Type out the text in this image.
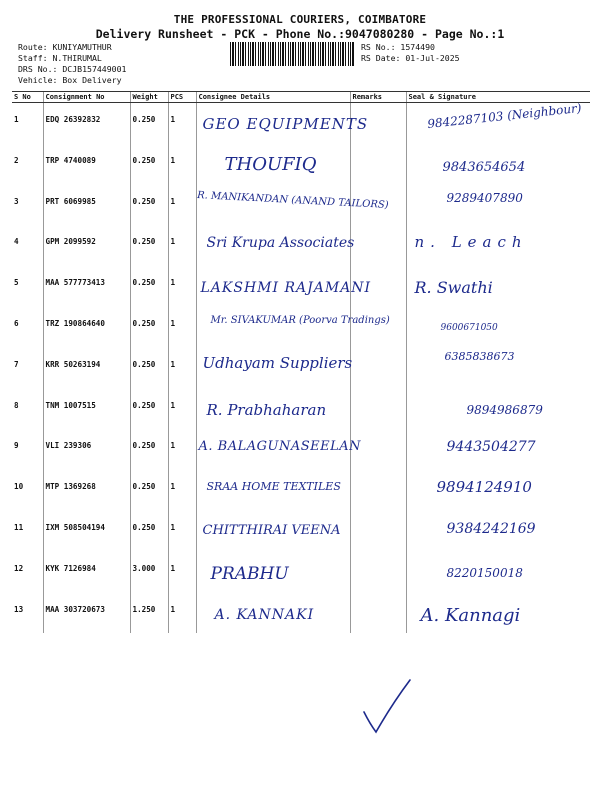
THE PROFESSIONAL COURIERS, COIMBATORE
Delivery Runsheet - PCK - Phone No.:9047080280 - Page No.:1
Route: KUNIYAMUTHUR
Staff: N.THIRUMAL
DRS No.: DCJB157449001
Vehicle: Box Delivery
RS No.: 1574490
RS Date: 01-Jul-2025
S No	Consignment No	Weight	PCS	Consignee Details	Remarks	Seal & Signature
1	EDQ 26392832	0.250	1	GEO EQUIPMENTS		9842287103 (Neighbour)

2	TRP 4740089	0.250	1	THOUFIQ		9843654654

3	PRT 6069985	0.250	1	R. MANIKANDAN (ANAND TAILORS)		9289407890

4	GPM 2099592	0.250	1	Sri Krupa Associates		n. Leach

5	MAA 577773413	0.250	1	LAKSHMI RAJAMANI		R. Swathi

6	TRZ 190864640	0.250	1	Mr. SIVAKUMAR (Poorva Tradings)		9600671050

7	KRR 50263194	0.250	1	Udhayam Suppliers		6385838673

8	TNM 1007515	0.250	1	R. Prabhaharan		9894986879

9	VLI 239306	0.250	1	A. BALAGUNASEELAN		9443504277

10	MTP 1369268	0.250	1	SRAA HOME TEXTILES		9894124910

11	IXM 508504194	0.250	1	CHITTHIRAI VEENA		9384242169

12	KYK 7126984	3.000	1	PRABHU		8220150018

13	MAA 303720673	1.250	1	A. KANNAKI		A. Kannagi
